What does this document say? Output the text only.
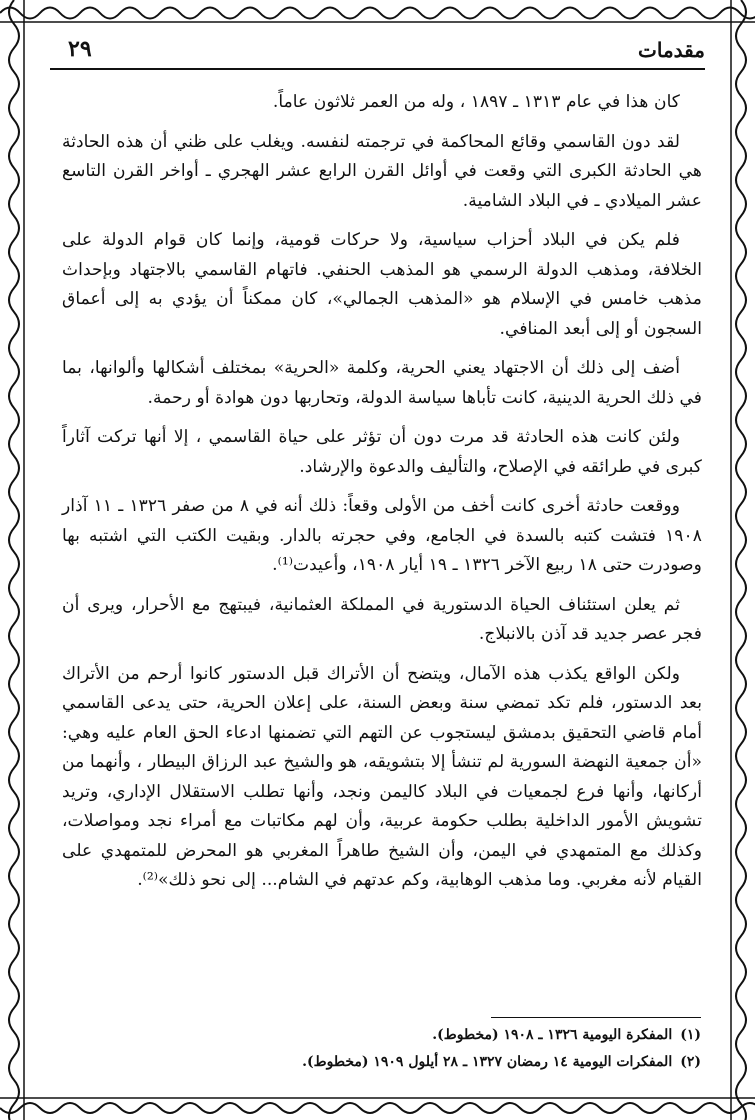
٢٩	مقدمات

كان هذا في عام ١٣١٣ ـ ١٨٩٧ ، وله من العمر ثلاثون عاماً.

لقد دون القاسمي وقائع المحاكمة في ترجمته لنفسه. ويغلب على ظني أن هذه الحادثة هي الحادثة الكبرى التي وقعت في أوائل القرن الرابع عشر الهجري ـ أواخر القرن التاسع عشر الميلادي ـ في البلاد الشامية.

فلم يكن في البلاد أحزاب سياسية، ولا حركات قومية، وإنما كان قوام الدولة على الخلافة، ومذهب الدولة الرسمي هو المذهب الحنفي. فاتهام القاسمي بالاجتهاد وبإحداث مذهب خامس في الإسلام هو «المذهب الجمالي»، كان ممكناً أن يؤدي به إلى أعماق السجون أو إلى أبعد المنافي.

أضف إلى ذلك أن الاجتهاد يعني الحرية، وكلمة «الحرية» بمختلف أشكالها وألوانها، بما في ذلك الحرية الدينية، كانت تأباها سياسة الدولة، وتحاربها دون هوادة أو رحمة.

ولئن كانت هذه الحادثة قد مرت دون أن تؤثر على حياة القاسمي ، إلا أنها تركت آثاراً كبرى في طرائقه في الإصلاح، والتأليف والدعوة والإرشاد.

ووقعت حادثة أخرى كانت أخف من الأولى وقعاً: ذلك أنه في ٨ من صفر ١٣٢٦ ـ ١١ آذار ١٩٠٨ فتشت كتبه بالسدة في الجامع، وفي حجرته بالدار. وبقيت الكتب التي اشتبه بها وصودرت حتى ١٨ ربيع الآخر ١٣٢٦ ـ ١٩ أيار ١٩٠٨، وأعيدت⁽¹⁾.

ثم يعلن استئناف الحياة الدستورية في المملكة العثمانية، فيبتهج مع الأحرار، ويرى أن فجر عصر جديد قد آذن بالانبلاج.

ولكن الواقع يكذب هذه الآمال، ويتضح أن الأتراك قبل الدستور كانوا أرحم من الأتراك بعد الدستور، فلم تكد تمضي سنة وبعض السنة، على إعلان الحرية، حتى يدعى القاسمي أمام قاضي التحقيق بدمشق ليستجوب عن التهم التي تضمنها ادعاء الحق العام عليه وهي: «أن جمعية النهضة السورية لم تنشأ إلا بتشويقه، هو والشيخ عبد الرزاق البيطار ، وأنهما من أركانها، وأنها فرع لجمعيات في البلاد كاليمن ونجد، وأنها تطلب الاستقلال الإداري، وتريد تشويش الأمور الداخلية بطلب حكومة عربية، وأن لهم مكاتبات مع أمراء نجد ومواصلات، وكذلك مع المتمهدي في اليمن، وأن الشيخ طاهراً المغربي هو المحرض للمتمهدي على القيام لأنه مغربي. وما مذهب الوهابية، وكم عدتهم في الشام... إلى نحو ذلك»⁽²⁾.

(١)المفكرة اليومية ١٣٢٦ ـ ١٩٠٨ (مخطوط).
(٢)المفكرات اليومية ١٤ رمضان ١٣٢٧ ـ ٢٨ أيلول ١٩٠٩ (مخطوط).
